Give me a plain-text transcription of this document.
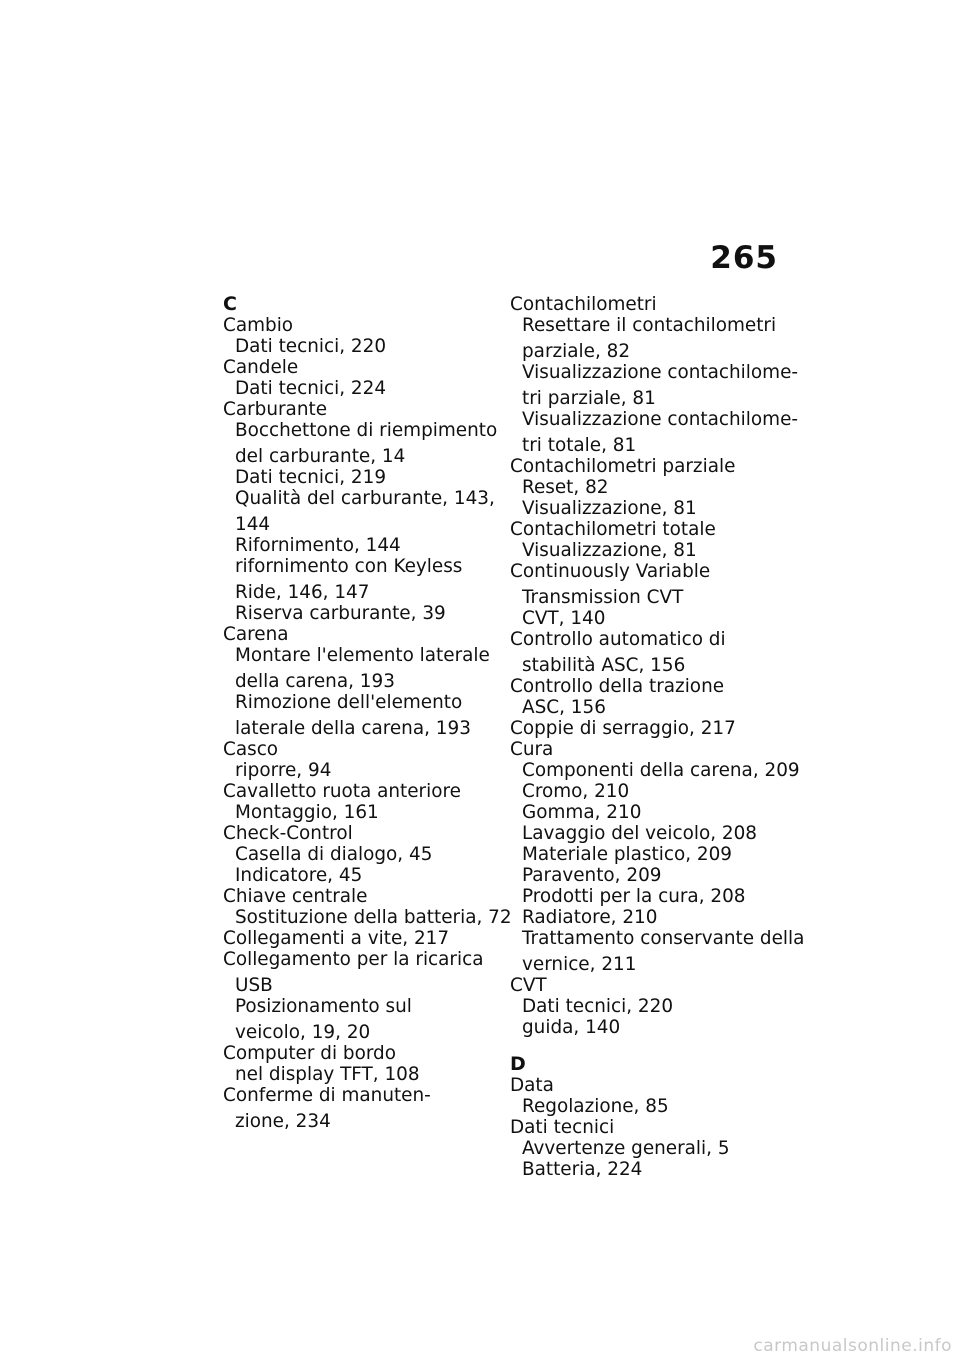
265
C
Cambio
Dati tecnici, 220
Candele
Dati tecnici, 224
Carburante
Bocchettone di riempimento
del carburante, 14
Dati tecnici, 219
Qualità del carburante, 143,
144
Rifornimento, 144
rifornimento con Keyless
Ride, 146, 147
Riserva carburante, 39
Carena
Montare l'elemento laterale
della carena, 193
Rimozione dell'elemento
laterale della carena, 193
Casco
riporre, 94
Cavalletto ruota anteriore
Montaggio, 161
Check-Control
Casella di dialogo, 45
Indicatore, 45
Chiave centrale
Sostituzione della batteria, 72
Collegamenti a vite, 217
Collegamento per la ricarica
USB
Posizionamento sul
veicolo, 19, 20
Computer di bordo
nel display TFT, 108
Conferme di manuten-
zione, 234
Contachilometri
Resettare il contachilometri
parziale, 82
Visualizzazione contachilome-
tri parziale, 81
Visualizzazione contachilome-
tri totale, 81
Contachilometri parziale
Reset, 82
Visualizzazione, 81
Contachilometri totale
Visualizzazione, 81
Continuously Variable
Transmission CVT
CVT, 140
Controllo automatico di
stabilità ASC, 156
Controllo della trazione
ASC, 156
Coppie di serraggio, 217
Cura
Componenti della carena, 209
Cromo, 210
Gomma, 210
Lavaggio del veicolo, 208
Materiale plastico, 209
Paravento, 209
Prodotti per la cura, 208
Radiatore, 210
Trattamento conservante della
vernice, 211
CVT
Dati tecnici, 220
guida, 140
D
Data
Regolazione, 85
Dati tecnici
Avvertenze generali, 5
Batteria, 224
carmanualsonline.info
